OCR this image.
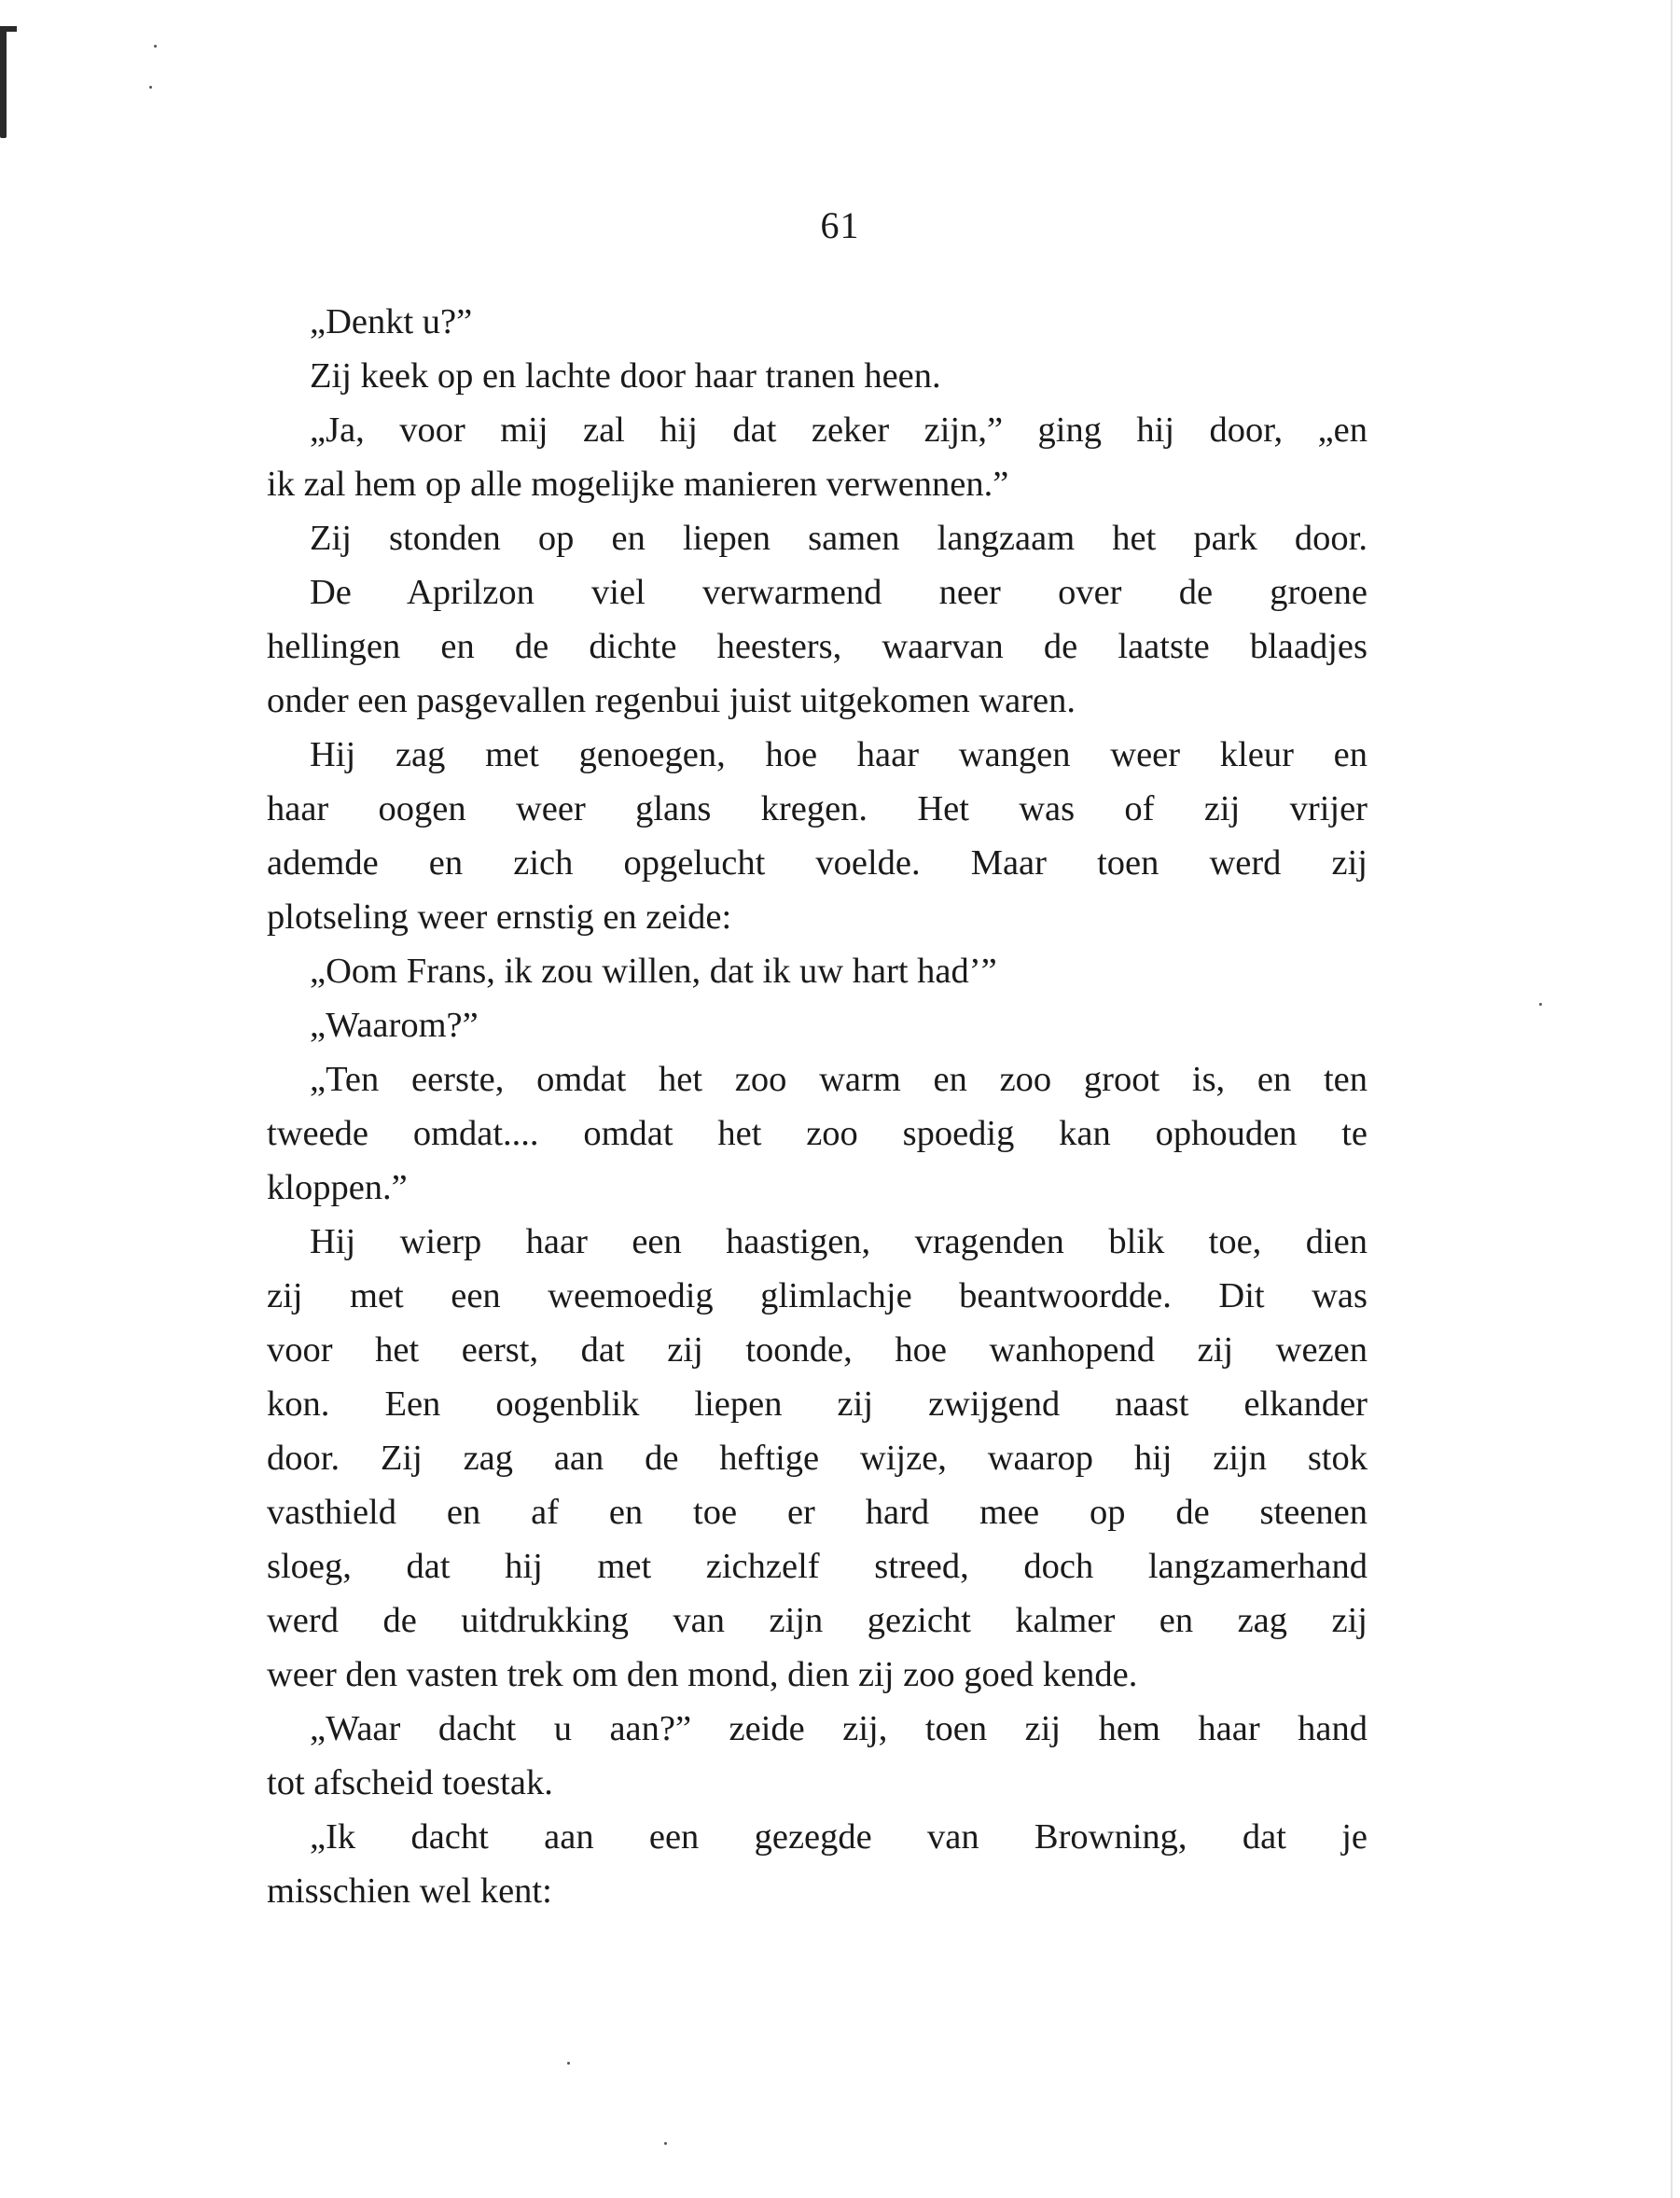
61
„Denkt u?”
Zij keek op en lachte door haar tranen heen.
„Ja, voor mij zal hij dat zeker zijn,” ging hij door, „en
ik zal hem op alle mogelijke manieren verwennen.”
Zij stonden op en liepen samen langzaam het park door.
De Aprilzon viel verwarmend neer over de groene
hellingen en de dichte heesters, waarvan de laatste blaadjes
onder een pasgevallen regenbui juist uitgekomen waren.
Hij zag met genoegen, hoe haar wangen weer kleur en
haar oogen weer glans kregen. Het was of zij vrijer
ademde en zich opgelucht voelde. Maar toen werd zij
plotseling weer ernstig en zeide:
„Oom Frans, ik zou willen, dat ik uw hart had’”
„Waarom?”
„Ten eerste, omdat het zoo warm en zoo groot is, en ten
tweede omdat.... omdat het zoo spoedig kan ophouden te
kloppen.”
Hij wierp haar een haastigen, vragenden blik toe, dien
zij met een weemoedig glimlachje beantwoordde. Dit was
voor het eerst, dat zij toonde, hoe wanhopend zij wezen
kon. Een oogenblik liepen zij zwijgend naast elkander
door. Zij zag aan de heftige wijze, waarop hij zijn stok
vasthield en af en toe er hard mee op de steenen
sloeg, dat hij met zichzelf streed, doch langzamerhand
werd de uitdrukking van zijn gezicht kalmer en zag zij
weer den vasten trek om den mond, dien zij zoo goed kende.
„Waar dacht u aan?” zeide zij, toen zij hem haar hand
tot afscheid toestak.
„Ik dacht aan een gezegde van Browning, dat je
misschien wel kent:
